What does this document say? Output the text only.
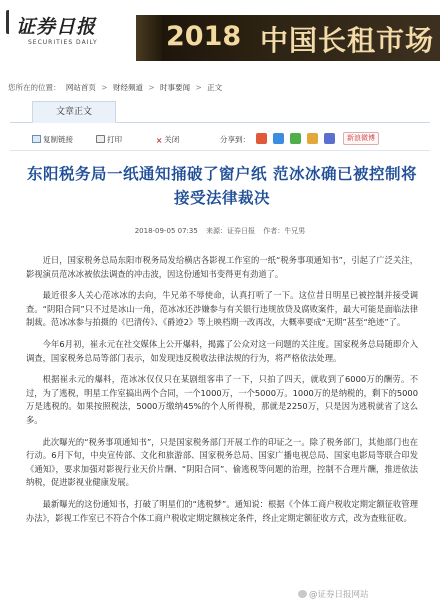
证券日报
SECURITIES DAILY	2018 中国长租市场
您所在的位置： 网站首页 > 财经频道 > 时事要闻 > 正文
文章正文
复制链接	打印	× 关闭	分享到：	新浪微博
东阳税务局一纸通知捅破了窗户纸 范冰冰确已被控制将接受法律裁决
2018-09-05 07:35 来源：证券日报 作者：牛兄男

近日，国家税务总局东阳市税务局发给横店各影视工作室的一纸“税务事项通知书”，引起了广泛关注，影视演员范冰冰被依法调查的冲击波，因这份通知书变得更有劲道了。

最近很多人关心范冰冰的去向，牛兄弟不辱使命，认真打听了一下。这位昔日明星已被控制并接受调查。“阴阳合同”只不过是冰山一角，范冰冰还涉嫌参与有关银行违规放贷及腐败案件，最大可能是面临法律制裁。范冰冰参与拍摄的《巴清传》、《爵迹2》等上映档期一改再改，大概率要成“无期”甚至“绝迹”了。

今年6月初，崔永元在社交媒体上公开爆料，揭露了公众对这一问题的关注度。国家税务总局随即介入调查，国家税务总局等部门表示，如发现违反税收法律法规的行为，将严格依法处理。

根据崔永元的爆料，范冰冰仅仅只在某剧组客串了一下，只拍了四天，就收到了6000万的酬劳。不过，为了逃税，明星工作室搞出两个合同，一个1000万，一个5000万。1000万的是纳税的，剩下的5000万是逃税的。如果按照税法，5000万缴纳45%的个人所得税，那就是2250万，只是因为逃税就省了这么多。

此次曝光的“税务事项通知书”，只是国家税务部门开展工作的印证之一。除了税务部门，其他部门也在行动。6月下旬，中央宣传部、文化和旅游部、国家税务总局、国家广播电视总局、国家电影局等联合印发《通知》，要求加强对影视行业天价片酬、“阴阳合同”、偷逃税等问题的治理，控制不合理片酬，推进依法纳税，促进影视业健康发展。

最新曝光的这份通知书，打破了明星们的“逃税梦”。通知说：根据《个体工商户税收定期定额征收管理办法》，影视工作室已不符合个体工商户税收定期定额核定条件，终止定期定额征收方式，改为查账征收。

@证券日报网站
